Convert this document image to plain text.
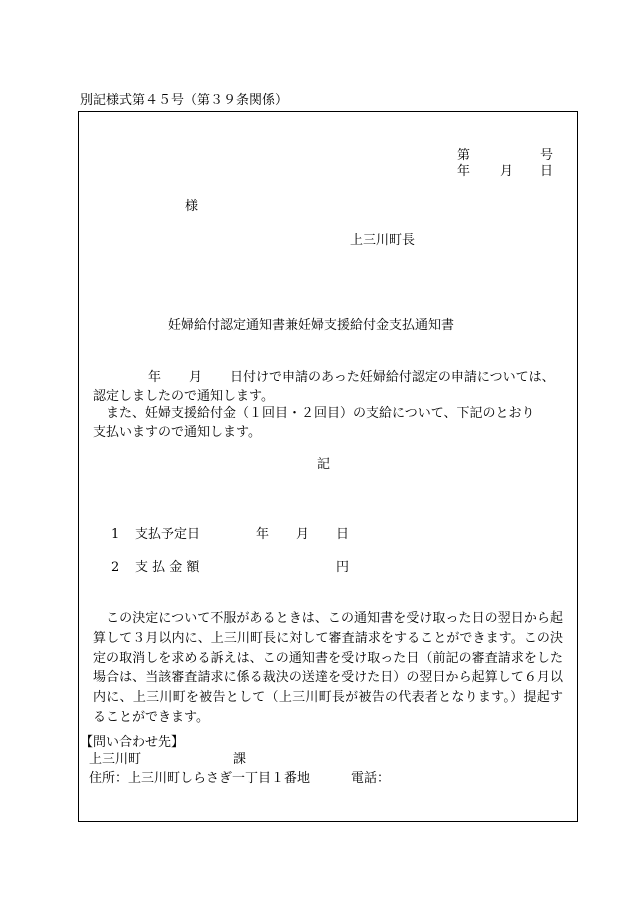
別記様式第４５号（第３９条関係）
第	号
年 月 日
様
上三川町長
妊婦給付認定通知書兼妊婦支援給付金支払通知書
年 月 日付けで申請のあった妊婦給付認定の申請については、
認定しましたので通知します。
　また、妊婦支援給付金（１回目・２回目）の支給について、下記のとおり
支払いますので通知します。
記
1 支払予定日	年 月 日
2 支 払 金 額	円
　この決定について不服があるときは、この通知書を受け取った日の翌日から起算して３月以内に、上三川町長に対して審査請求をすることができます。この決定の取消しを求める訴えは、この通知書を受け取った日（前記の審査請求をした場合は、当該審査請求に係る裁決の送達を受けた日）の翌日から起算して６月以内に、上三川町を被告として（上三川町長が被告の代表者となります。）提起することができます。
【問い合わせ先】
上三川町	課
住所：上三川町しらさぎ一丁目１番地	電話：
